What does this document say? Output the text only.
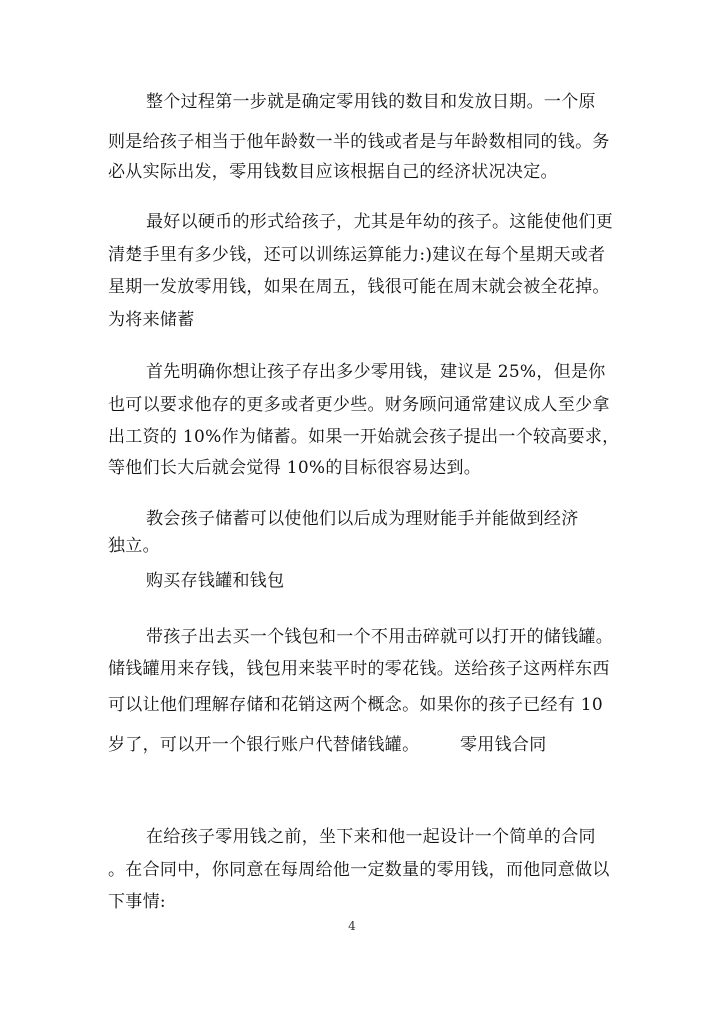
整个过程第一步就是确定零用钱的数目和发放日期。一个原
则是给孩子相当于他年龄数一半的钱或者是与年龄数相同的钱。务
必从实际出发，零用钱数目应该根据自己的经济状况决定。
最好以硬币的形式给孩子，尤其是年幼的孩子。这能使他们更
清楚手里有多少钱，还可以训练运算能力:)建议在每个星期天或者
星期一发放零用钱，如果在周五，钱很可能在周末就会被全花掉。
为将来储蓄
首先明确你想让孩子存出多少零用钱，建议是 25%，但是你
也可以要求他存的更多或者更少些。财务顾问通常建议成人至少拿
出工资的 10%作为储蓄。如果一开始就会孩子提出一个较高要求，
等他们长大后就会觉得 10%的目标很容易达到。
教会孩子储蓄可以使他们以后成为理财能手并能做到经济
独立。
购买存钱罐和钱包
带孩子出去买一个钱包和一个不用击碎就可以打开的储钱罐。
储钱罐用来存钱，钱包用来装平时的零花钱。送给孩子这两样东西
可以让他们理解存储和花销这两个概念。如果你的孩子已经有 10
岁了，可以开一个银行账户代替储钱罐。 零用钱合同
在给孩子零用钱之前，坐下来和他一起设计一个简单的合同
。在合同中，你同意在每周给他一定数量的零用钱，而他同意做以
下事情:
4
